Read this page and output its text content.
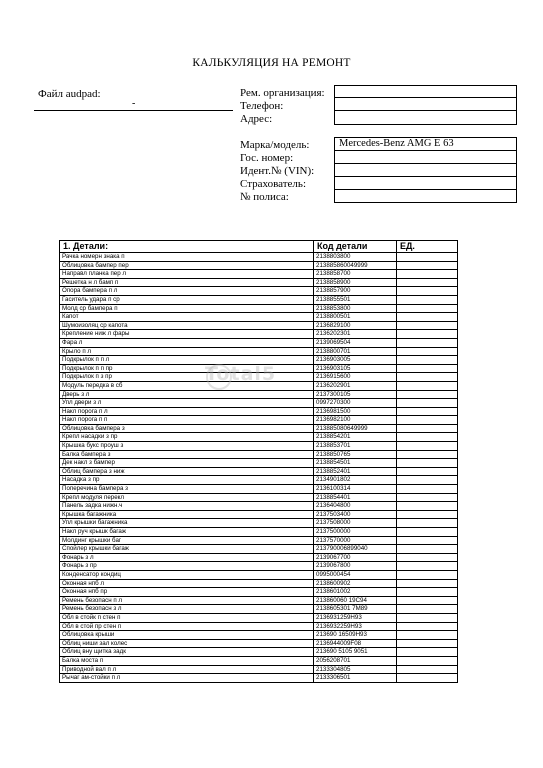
КАЛЬКУЛЯЦИЯ НА РЕМОНТ
Файл audpad:
-
Рем. организация:
Телефон:
Адрес:
Марка/модель:	Mercedes-Benz AMG E 63
Гос. номер:
Идент.№ (VIN):
Страхователь:
№ полиса:
1. Детали:	Код детали	ЕД.
Рачка номерн знака п	2138803800	
Облицовка бампер пер	213885860049999	
Направл планка пер л	2138858700	
Решетка н л бамп п	2138858900	
Опора бампера п л	2138857900	
Гаситель удара п ср	2138855501	
Молд ср бампера п	2138853800	
Капот	2138800501	
Шумоизоляц ср капота	2136829100	
Крепление ниж л фары	2136202301	
Фара л	2139069504	
Крыло п л	2138800701	
Подкрылок п п л	2136903005	
Подкрылок п п пр	2136903105	
Подкрылок п з пр	2136915600	
Модуль передка в сб	2136202901	
Дверь з л	2137300105	
Упл двери з л	0997270300	
Накл порога п л	2136981500	
Накл порога п п	2136982100	
Облицовка бампера з	213885080649999	
Крепл насадки з пр	2138854201	
Крышка букс проуш з	2138853701	
Балка бампера з	2138850765	
Дек накл з бампер	2138854501	
Облиц бампера з ниж	2138852401	
Насадка з пр	2134901802	
Поперечина бампера з	2136100314	
Крепл модуля перекл	2138854401	
Панель задка нижн.ч	2136404800	
Крышка багажника	2137503400	
Упл крышки багажника	2137508000	
Накл руч крышк багаж	2137500000	
Молдинг крышки баг	2137570000	
Спойлер крышки багаж	213790006899040	
Фонарь з л	2139067700	
Фонарь з пр	2139067800	
Конденсатор кондиц	0995000454	
Оконная нпб л	2138600902	
Оконная нпб пр	2138601002	
Ремень безопасн п л	213860060 19C94	
Ремень безопасн з л	2138605301 7M89	
Обл в стойк п стен п	2136931259H93	
Обл в стой пр стен п	2136932259H93	
Облицовка крыши	213690 16509H93	
Облиц ниши зал колес	2136944009F08	
Облиц вну щитка задк	213690 5105 9051	
Балка моста п	2056208701	
Приводной вал п л	2133304805	
Рычаг ам-стойки п л	2133306501	
Total5
